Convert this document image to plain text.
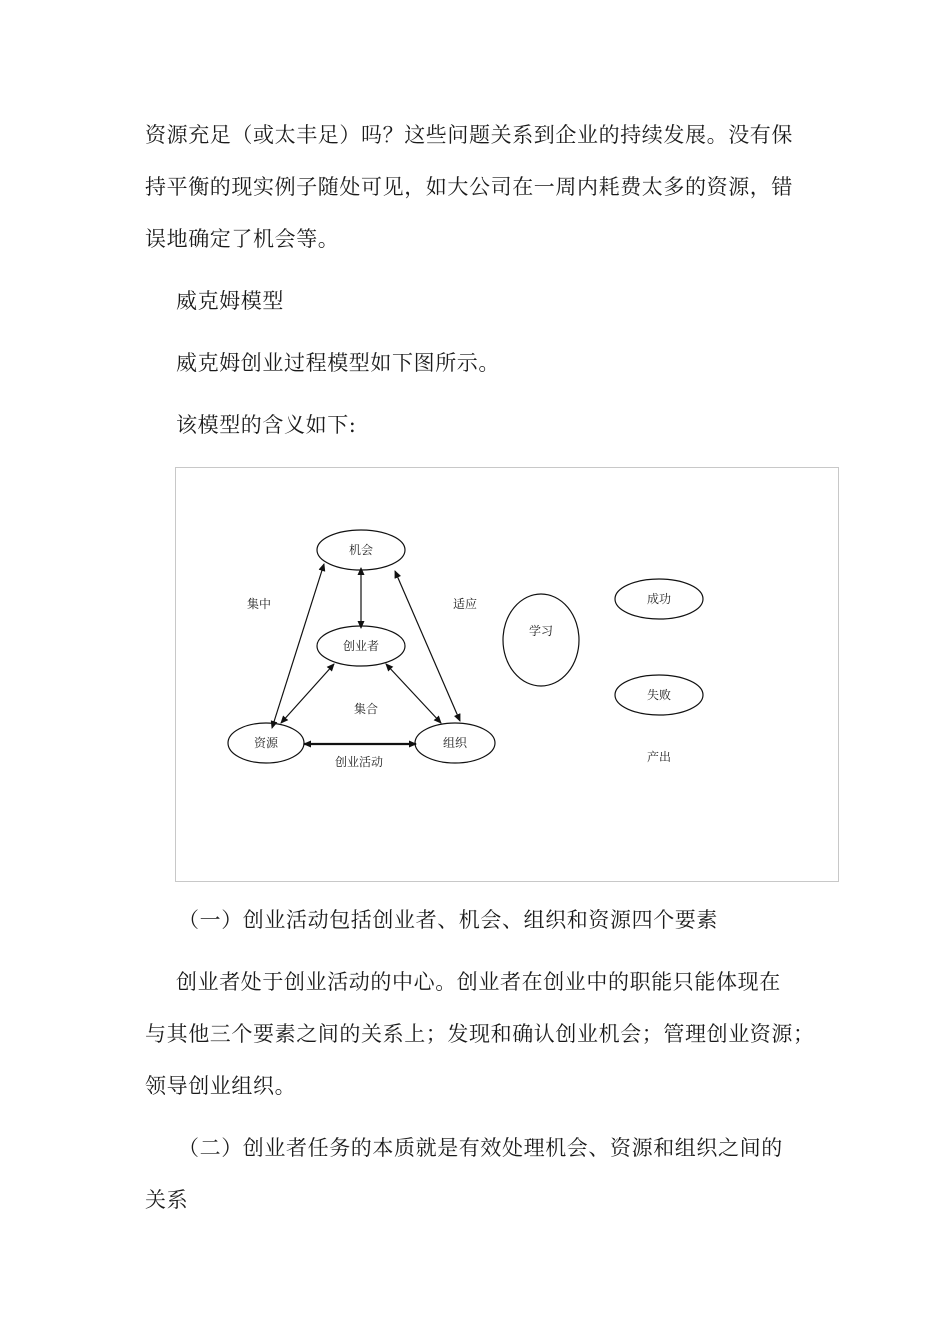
资源充足（或太丰足）吗？这些问题关系到企业的持续发展。没有保
持平衡的现实例子随处可见，如大公司在一周内耗费太多的资源，错
误地确定了机会等。
威克姆模型
威克姆创业过程模型如下图所示。
该模型的含义如下:
机会
创业者
资源	组织
学习
成功
失败
集中	适应
集合
创业活动	产出
（一）创业活动包括创业者、机会、组织和资源四个要素
创业者处于创业活动的中心。创业者在创业中的职能只能体现在
与其他三个要素之间的关系上；发现和确认创业机会；管理创业资源；
领导创业组织。
（二）创业者任务的本质就是有效处理机会、资源和组织之间的
关系
